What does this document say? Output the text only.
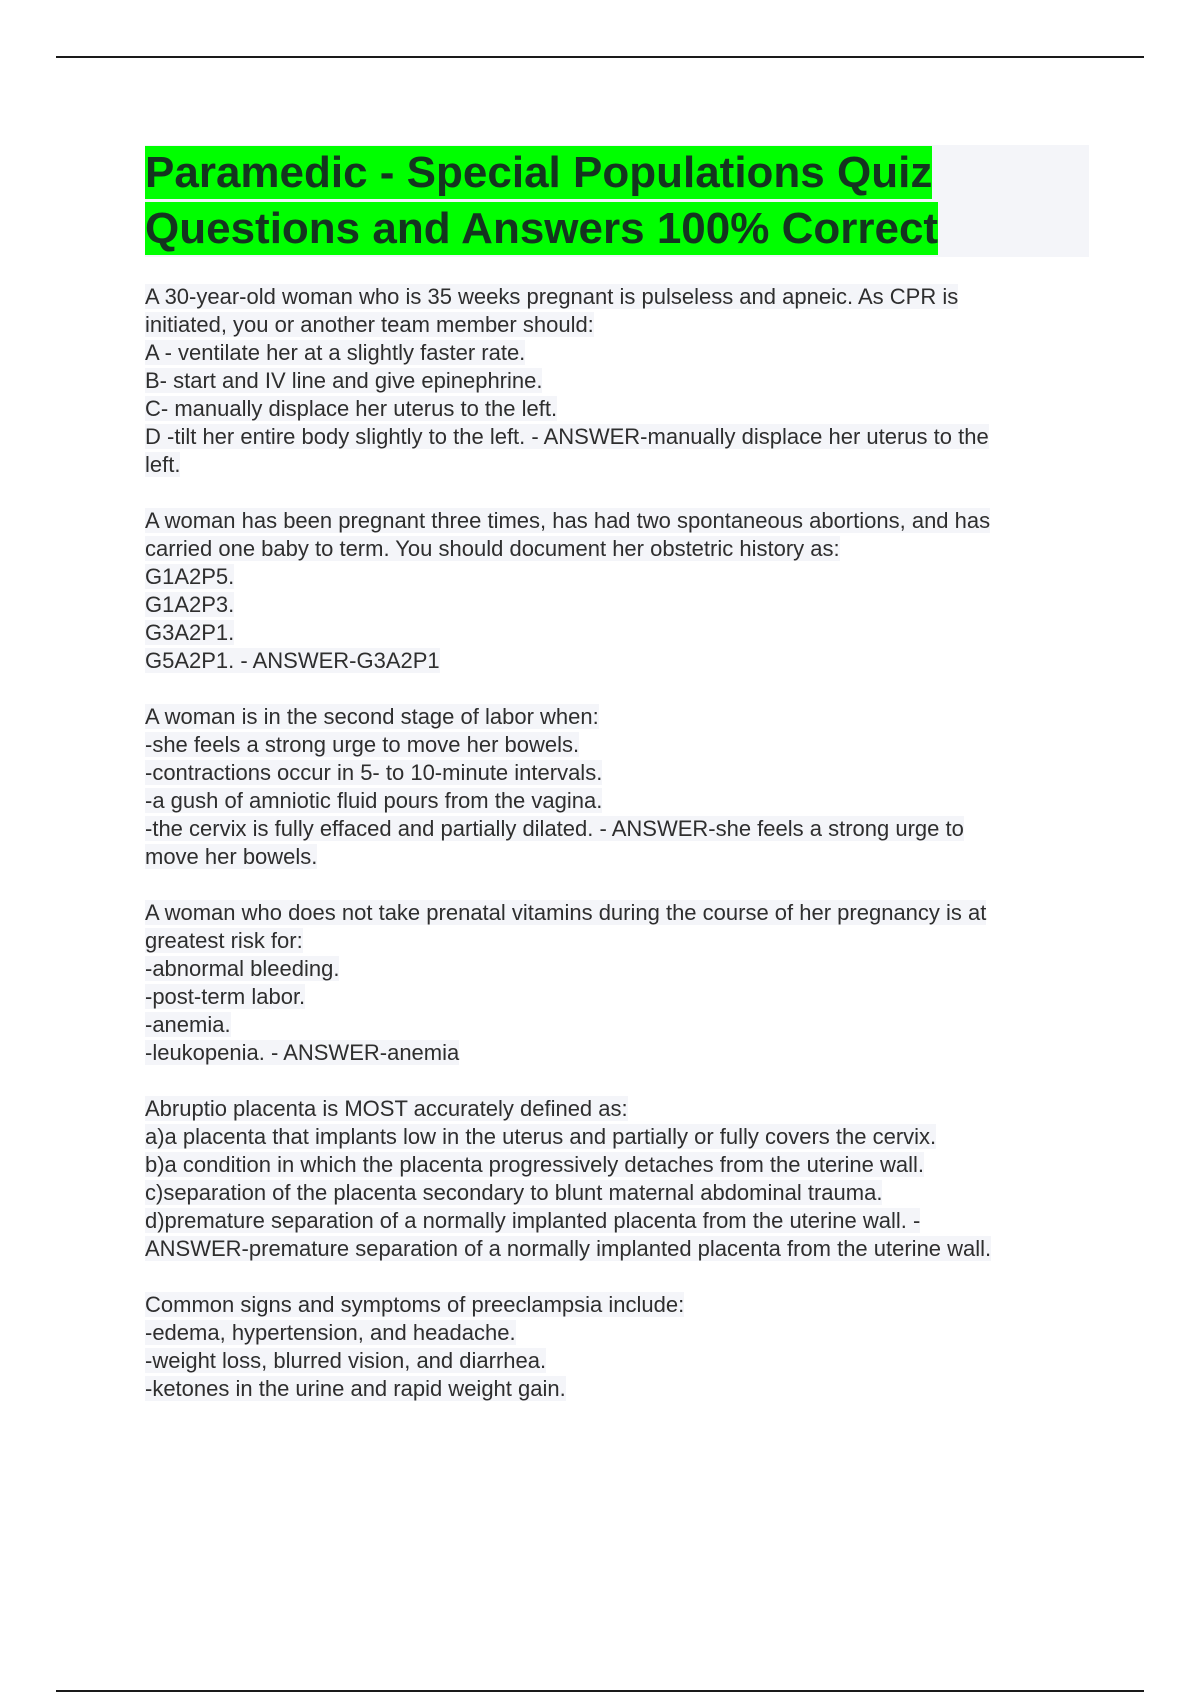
Paramedic - Special Populations Quiz
Questions and Answers 100% Correct
A 30-year-old woman who is 35 weeks pregnant is pulseless and apneic. As CPR is
initiated, you or another team member should:
A - ventilate her at a slightly faster rate.
B- start and IV line and give epinephrine.
C- manually displace her uterus to the left.
D -tilt her entire body slightly to the left. - ANSWER-manually displace her uterus to the
left.
A woman has been pregnant three times, has had two spontaneous abortions, and has
carried one baby to term. You should document her obstetric history as:
G1A2P5.
G1A2P3.
G3A2P1.
G5A2P1. - ANSWER-G3A2P1
A woman is in the second stage of labor when:
-she feels a strong urge to move her bowels.
-contractions occur in 5- to 10-minute intervals.
-a gush of amniotic fluid pours from the vagina.
-the cervix is fully effaced and partially dilated. - ANSWER-she feels a strong urge to
move her bowels.
A woman who does not take prenatal vitamins during the course of her pregnancy is at
greatest risk for:
-abnormal bleeding.
-post-term labor.
-anemia.
-leukopenia. - ANSWER-anemia
Abruptio placenta is MOST accurately defined as:
a)a placenta that implants low in the uterus and partially or fully covers the cervix.
b)a condition in which the placenta progressively detaches from the uterine wall.
c)separation of the placenta secondary to blunt maternal abdominal trauma.
d)premature separation of a normally implanted placenta from the uterine wall. -
ANSWER-premature separation of a normally implanted placenta from the uterine wall.
Common signs and symptoms of preeclampsia include:
-edema, hypertension, and headache.
-weight loss, blurred vision, and diarrhea.
-ketones in the urine and rapid weight gain.
